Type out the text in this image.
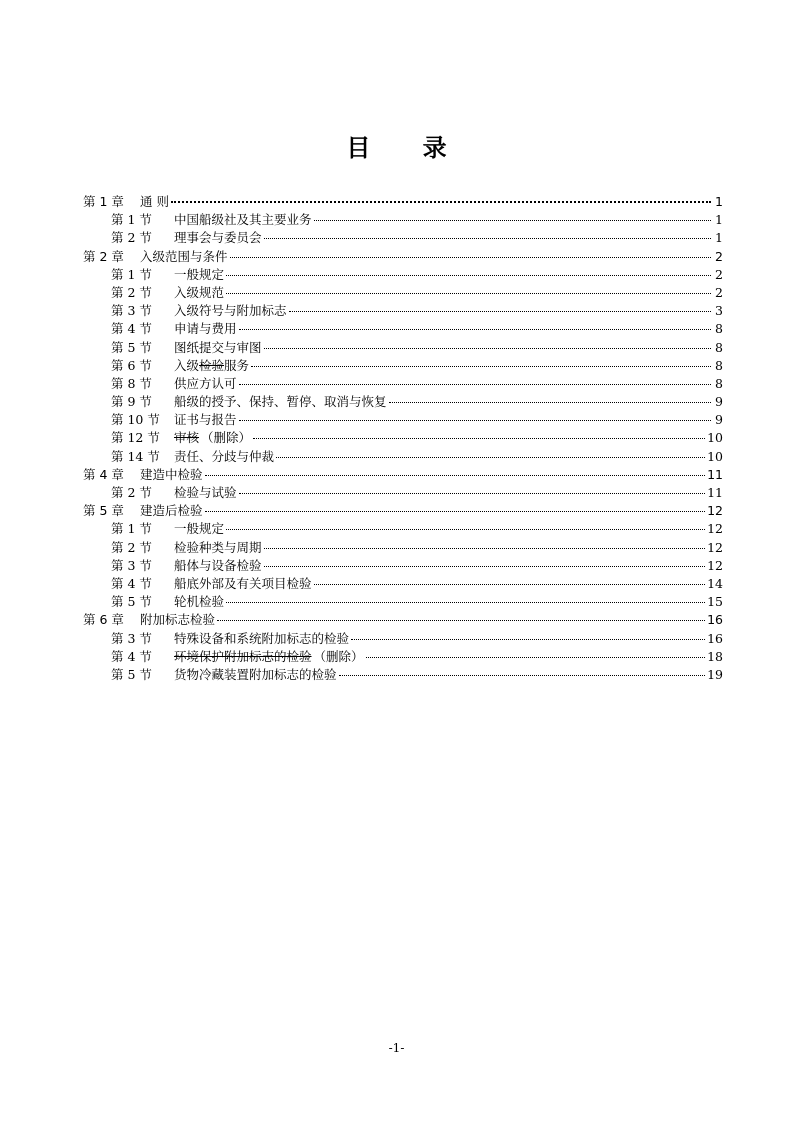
目 录
第 1 章	通 则	1
第 1 节	中国船级社及其主要业务	1
第 2 节	理事会与委员会	1
第 2 章	入级范围与条件	2
第 1 节	一般规定	2
第 2 节	入级规范	2
第 3 节	入级符号与附加标志	3
第 4 节	申请与费用	8
第 5 节	图纸提交与审图	8
第 6 节	入级 检验 服务	8
第 8 节	供应方认可	8
第 9 节	船级的授予、保持、暂停、取消与恢复	9
第 10 节	证书与报告	9
第 12 节	审核 （删除）	10
第 14 节	责任、分歧与仲裁	10
第 4 章	建造中检验	11
第 2 节	检验与试验	11
第 5 章	建造后检验	12
第 1 节	一般规定	12
第 2 节	检验种类与周期	12
第 3 节	船体与设备检验	12
第 4 节	船底外部及有关项目检验	14
第 5 节	轮机检验	15
第 6 章	附加标志检验	16
第 3 节	特殊设备和系统附加标志的检验	16
第 4 节	环境保护附加标志的检验 （删除）	18
第 5 节	货物冷藏装置附加标志的检验	19
-1-
